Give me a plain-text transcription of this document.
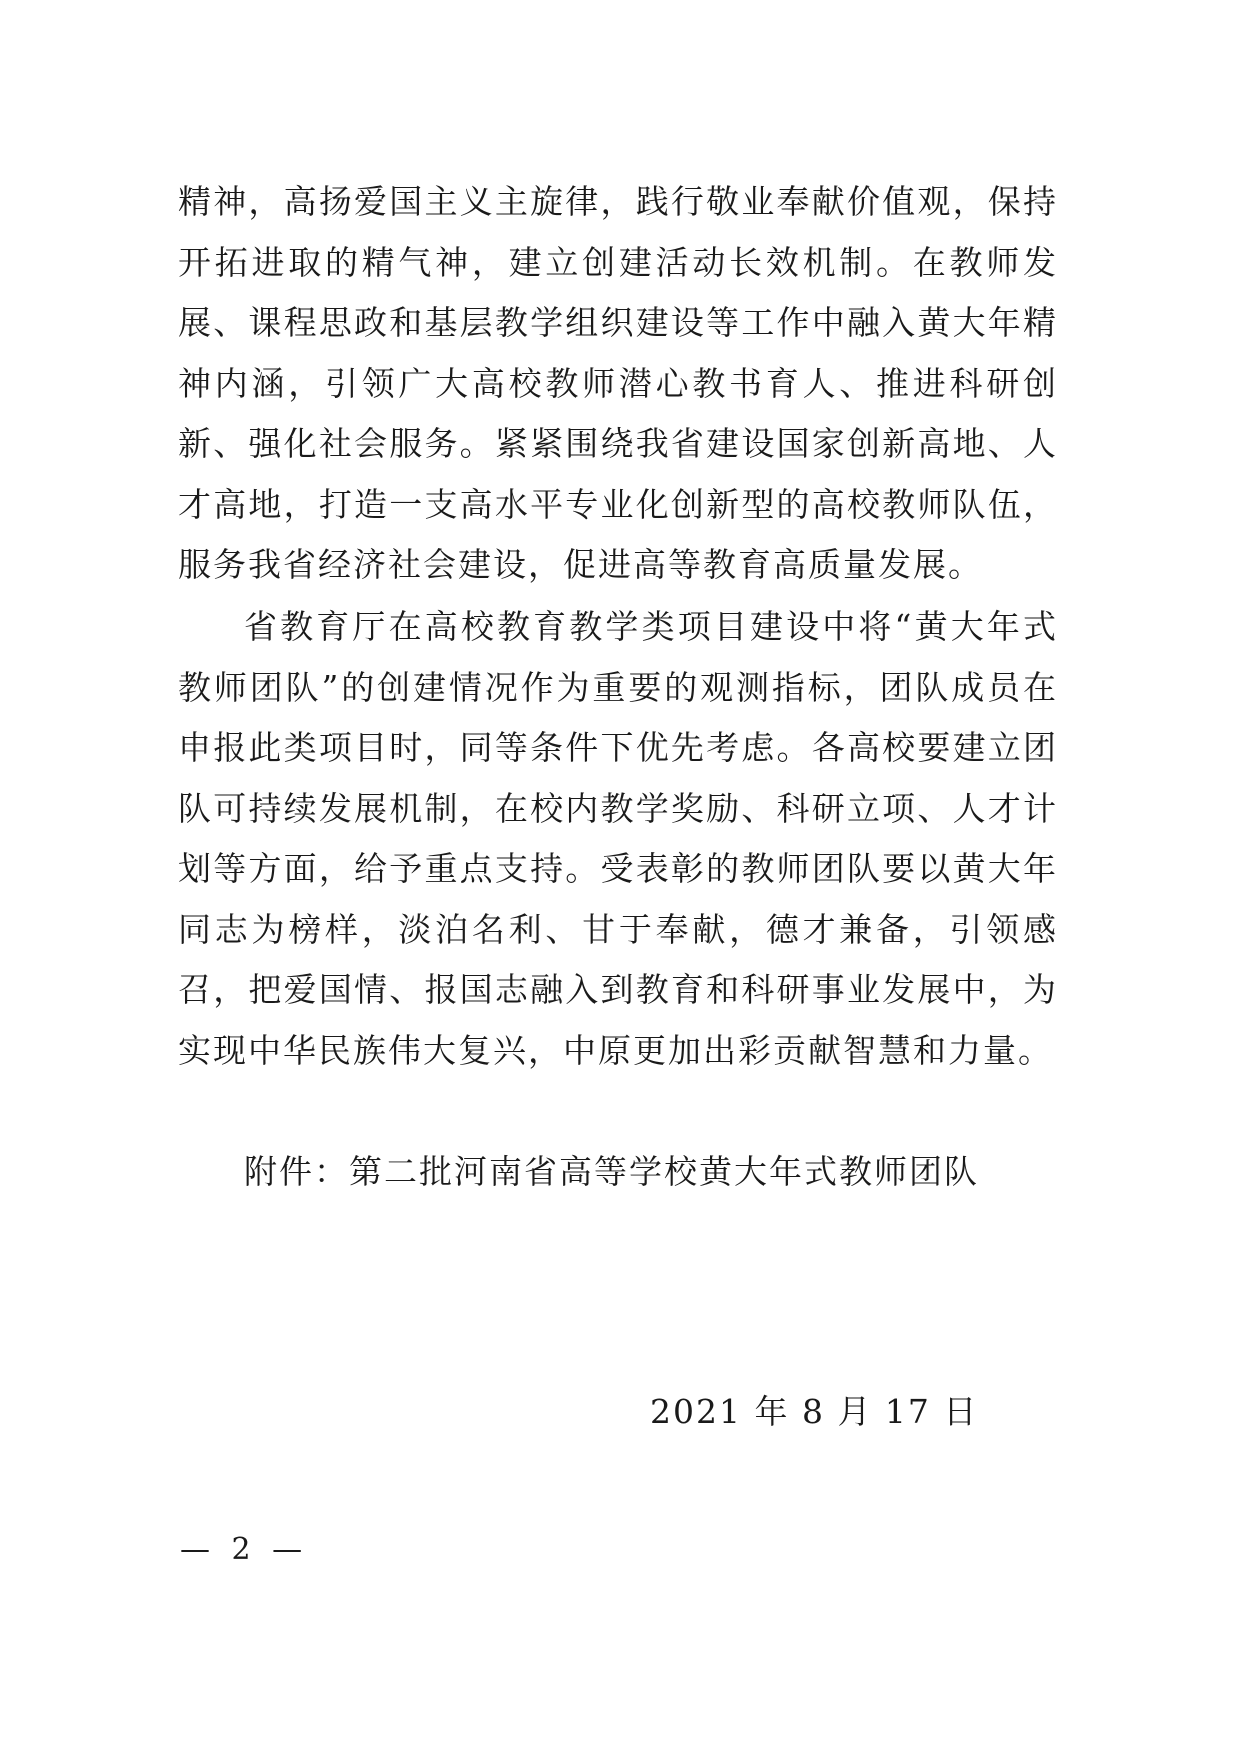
精神，高扬爱国主义主旋律，践行敬业奉献价值观，保持开拓进取的精气神，建立创建活动长效机制。在教师发展、课程思政和基层教学组织建设等工作中融入黄大年精神内涵，引领广大高校教师潜心教书育人、推进科研创新、强化社会服务。紧紧围绕我省建设国家创新高地、人才高地，打造一支高水平专业化创新型的高校教师队伍，服务我省经济社会建设，促进高等教育高质量发展。

省教育厅在高校教育教学类项目建设中将“黄大年式教师团队”的创建情况作为重要的观测指标，团队成员在申报此类项目时，同等条件下优先考虑。各高校要建立团队可持续发展机制，在校内教学奖励、科研立项、人才计划等方面，给予重点支持。受表彰的教师团队要以黄大年同志为榜样，淡泊名利、甘于奉献，德才兼备，引领感召，把爱国情、报国志融入到教育和科研事业发展中，为实现中华民族伟大复兴，中原更加出彩贡献智慧和力量。

附件：第二批河南省高等学校黄大年式教师团队
2021 年 8 月 17 日
— 2 —
